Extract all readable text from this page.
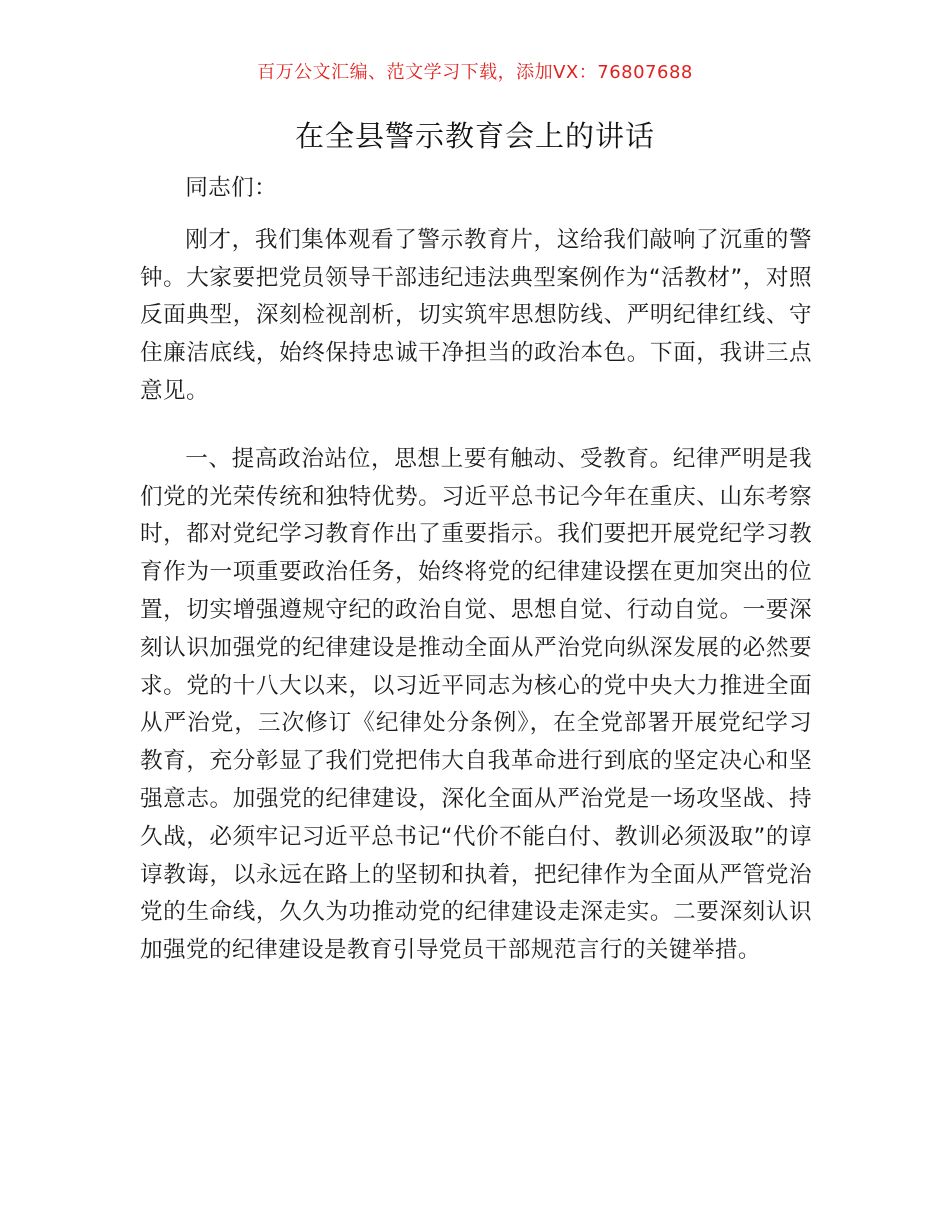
百万公文汇编、范文学习下载，添加VX：76807688
在全县警示教育会上的讲话

同志们：

刚才，我们集体观看了警示教育片，这给我们敲响了沉重的警钟。大家要把党员领导干部违纪违法典型案例作为“活教材”，对照反面典型，深刻检视剖析，切实筑牢思想防线、严明纪律红线、守住廉洁底线，始终保持忠诚干净担当的政治本色。下面，我讲三点意见。

一、提高政治站位，思想上要有触动、受教育。纪律严明是我们党的光荣传统和独特优势。习近平总书记今年在重庆、山东考察时，都对党纪学习教育作出了重要指示。我们要把开展党纪学习教育作为一项重要政治任务，始终将党的纪律建设摆在更加突出的位置，切实增强遵规守纪的政治自觉、思想自觉、行动自觉。一要深刻认识加强党的纪律建设是推动全面从严治党向纵深发展的必然要求。党的十八大以来，以习近平同志为核心的党中央大力推进全面从严治党，三次修订《纪律处分条例》，在全党部署开展党纪学习教育，充分彰显了我们党把伟大自我革命进行到底的坚定决心和坚强意志。加强党的纪律建设，深化全面从严治党是一场攻坚战、持久战，必须牢记习近平总书记“代价不能白付、教训必须汲取”的谆谆教诲，以永远在路上的坚韧和执着，把纪律作为全面从严管党治党的生命线，久久为功推动党的纪律建设走深走实。二要深刻认识加强党的纪律建设是教育引导党员干部规范言行的关键举措。
